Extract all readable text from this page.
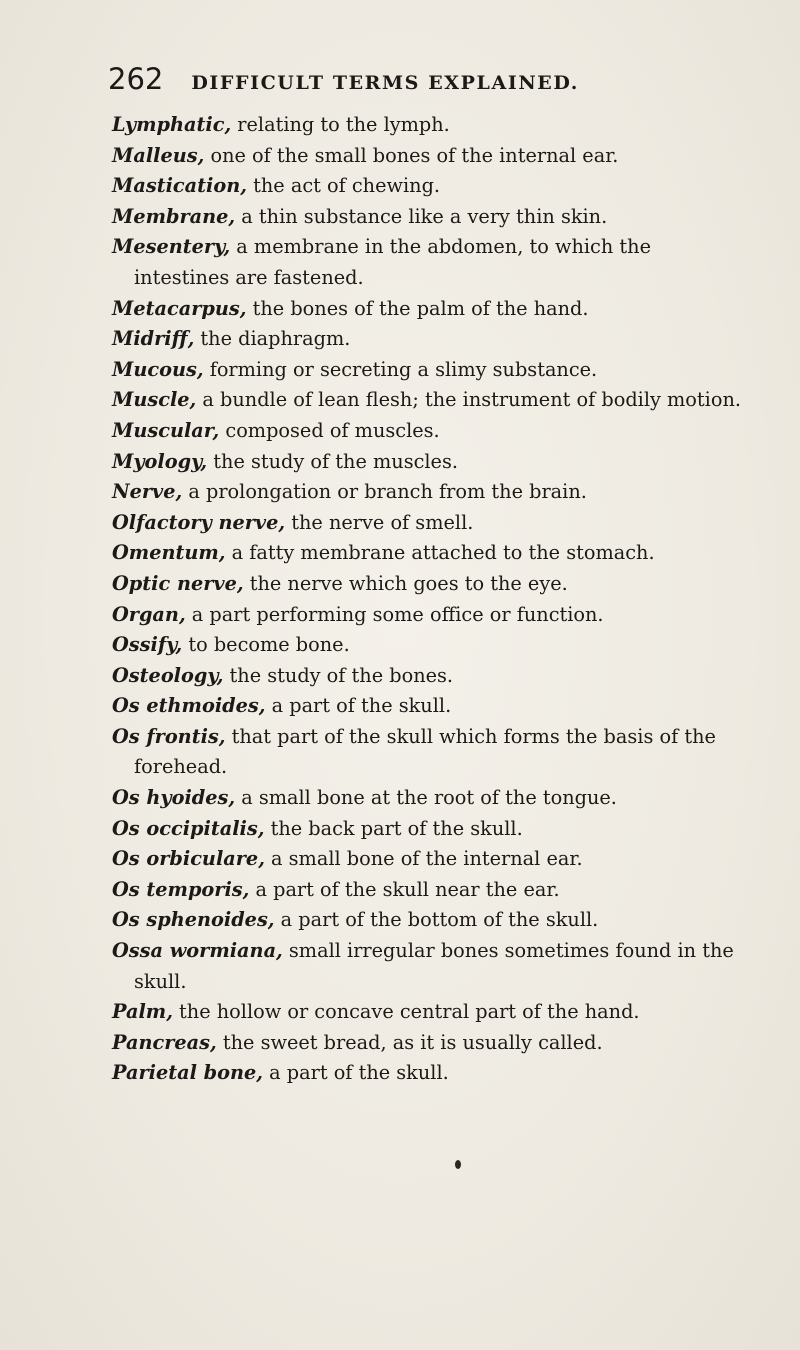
262 DIFFICULT TERMS EXPLAINED.
Lymphatic, relating to the lymph.
Malleus, one of the small bones of the internal ear.
Mastication, the act of chewing.
Membrane, a thin substance like a very thin skin.
Mesentery, a membrane in the abdomen, to which the intestines are fastened.
Metacarpus, the bones of the palm of the hand.
Midriff, the diaphragm.
Mucous, forming or secreting a slimy substance.
Muscle, a bundle of lean flesh; the instrument of bodily motion.
Muscular, composed of muscles.
Myology, the study of the muscles.
Nerve, a prolongation or branch from the brain.
Olfactory nerve, the nerve of smell.
Omentum, a fatty membrane attached to the stomach.
Optic nerve, the nerve which goes to the eye.
Organ, a part performing some office or function.
Ossify, to become bone.
Osteology, the study of the bones.
Os ethmoides, a part of the skull.
Os frontis, that part of the skull which forms the basis of the forehead.
Os hyoides, a small bone at the root of the tongue.
Os occipitalis, the back part of the skull.
Os orbiculare, a small bone of the internal ear.
Os temporis, a part of the skull near the ear.
Os sphenoides, a part of the bottom of the skull.
Ossa wormiana, small irregular bones sometimes found in the skull.
Palm, the hollow or concave central part of the hand.
Pancreas, the sweet bread, as it is usually called.
Parietal bone, a part of the skull.
